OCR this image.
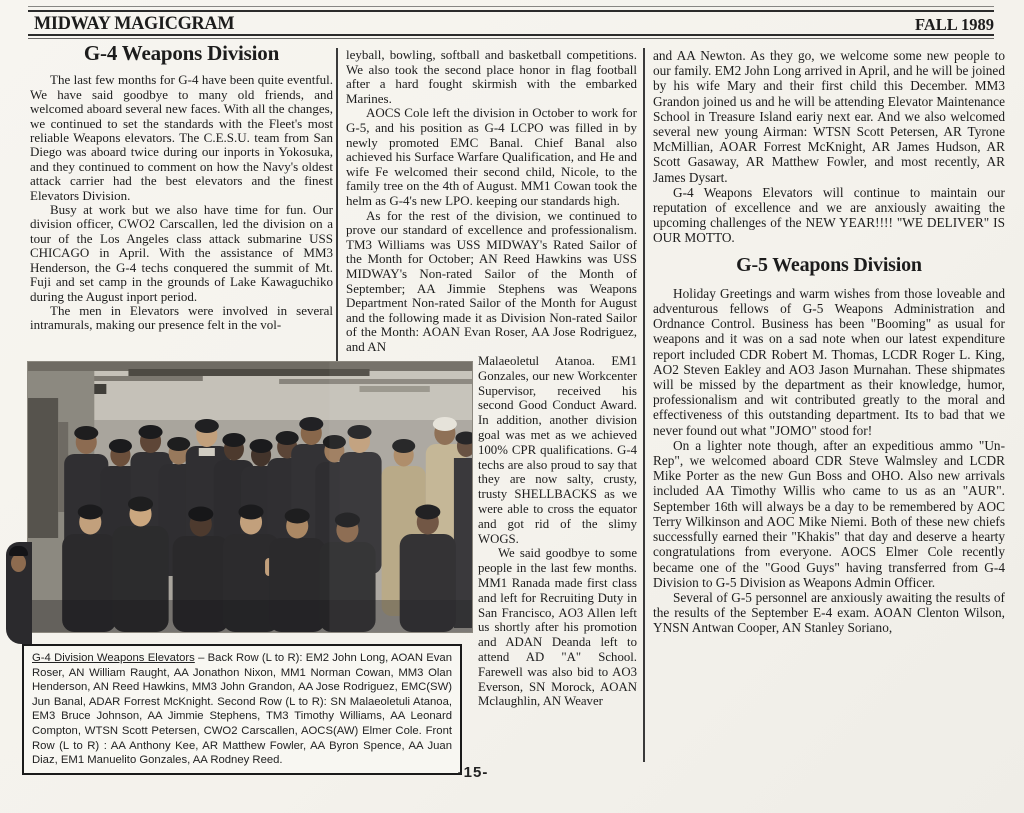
MIDWAY MAGICGRAM	FALL 1989
G-4 Weapons Division

The last few months for G-4 have been quite eventful. We have said goodbye to many old friends, and welcomed aboard several new faces. With all the changes, we continued to set the standards with the Fleet's most reliable Weapons elevators. The C.E.S.U. team from San Diego was aboard twice during our inports in Yokosuka, and they continued to comment on how the Navy's oldest attack carrier had the best elevators and the finest Elevators Division.

Busy at work but we also have time for fun. Our division officer, CWO2 Carscallen, led the division on a tour of the Los Angeles class attack submarine USS CHICAGO in April. With the assistance of MM3 Henderson, the G-4 techs conquered the summit of Mt. Fuji and set camp in the grounds of Lake Kawaguchiko during the August inport period.

The men in Elevators were involved in several intramurals, making our presence felt in the vol-

leyball, bowling, softball and basketball competitions. We also took the second place honor in flag football after a hard fought skirmish with the embarked Marines.

AOCS Cole left the division in October to work for G-5, and his position as G-4 LCPO was filled in by newly promoted EMC Banal. Chief Banal also achieved his Surface Warfare Qualification, and He and wife Fe welcomed their second child, Nicole, to the family tree on the 4th of August. MM1 Cowan took the helm as G-4's new LPO. keeping our standards high.

As for the rest of the division, we continued to prove our standard of excellence and professionalism. TM3 Williams was USS MIDWAY's Rated Sailor of the Month for October; AN Reed Hawkins was USS MIDWAY's Non-rated Sailor of the Month of September; AA Jimmie Stephens was Weapons Department Non-rated Sailor of the Month for August and the following made it as Division Non-rated Sailor of the Month: AOAN Evan Roser, AA Jose Rodriguez, and AN

Malaeoletul Atanoa. EM1 Gonzales, our new Workcenter Supervisor, received his second Good Conduct Award. In addition, another division goal was met as we achieved 100% CPR qualifications. G-4 techs are also proud to say that they are now salty, crusty, trusty SHELLBACKS as we were able to cross the equator and got rid of the slimy WOGS.

We said goodbye to some people in the last few months. MM1 Ranada made first class and left for Recruiting Duty in San Francisco, AO3 Allen left us shortly after his promotion and ADAN Deanda left to attend AD "A" School. Farewell was also bid to AO3 Everson, SN Morock, AOAN Mclaughlin, AN Weaver

and AA Newton. As they go, we welcome some new people to our family. EM2 John Long arrived in April, and he will be joined by his wife Mary and their first child this December. MM3 Grandon joined us and he will be attending Elevator Maintenance School in Treasure Island eariy next ear. And we also welcomed several new young Airman: WTSN Scott Petersen, AR Tyrone McMillian, AOAR Forrest McKnight, AR James Hudson, AR Scott Gasaway, AR Matthew Fowler, and most recently, AR James Dysart.

G-4 Weapons Elevators will continue to maintain our reputation of excellence and we are anxiously awaiting the upcoming challenges of the NEW YEAR!!!! "WE DELIVER" IS OUR MOTTO.

G-5 Weapons Division

Holiday Greetings and warm wishes from those loveable and adventurous fellows of G-5 Weapons Administration and Ordnance Control. Business has been "Booming" as usual for weapons and it was on a sad note when our latest expenditure report included CDR Robert M. Thomas, LCDR Roger L. King, AO2 Steven Eakley and AO3 Jason Murnahan. These shipmates will be missed by the department as their knowledge, humor, professionalism and wit contributed greatly to the moral and effectiveness of this outstanding department. Its to bad that we never found out what "JOMO" stood for!

On a lighter note though, after an expeditious ammo "Un-Rep", we welcomed aboard CDR Steve Walmsley and LCDR Mike Porter as the new Gun Boss and OHO. Also new arrivals included AA Timothy Willis who came to us as an "AUR". September 16th will always be a day to be remembered by AOC Terry Wilkinson and AOC Mike Niemi. Both of these new chiefs successfully earned their "Khakis" that day and deserve a hearty congratulations from everyone. AOCS Elmer Cole recently became one of the "Good Guys" having transferred from G-4 Division to G-5 Division as Weapons Admin Officer.

Several of G-5 personnel are anxiously awaiting the results of the results of the September E-4 exam. AOAN Clenton Wilson, YNSN Antwan Cooper, AN Stanley Soriano,

G-4 Division Weapons Elevators – Back Row (L to R): EM2 John Long, AOAN Evan Roser, AN William Raught, AA Jonathon Nixon, MM1 Norman Cowan, MM3 Olan Henderson, AN Reed Hawkins, MM3 John Grandon, AA Jose Rodriguez, EMC(SW) Jun Banal, ADAR Forrest McKnight. Second Row (L to R): SN Malaeoletuli Atanoa, EM3 Bruce Johnson, AA Jimmie Stephens, TM3 Timothy Williams, AA Leonard Compton, WTSN Scott Petersen, CWO2 Carscallen, AOCS(AW) Elmer Cole. Front Row (L to R) : AA Anthony Kee, AR Matthew Fowler, AA Byron Spence, AA Juan Diaz, EM1 Manuelito Gonzales, AA Rodney Reed.
-15-
